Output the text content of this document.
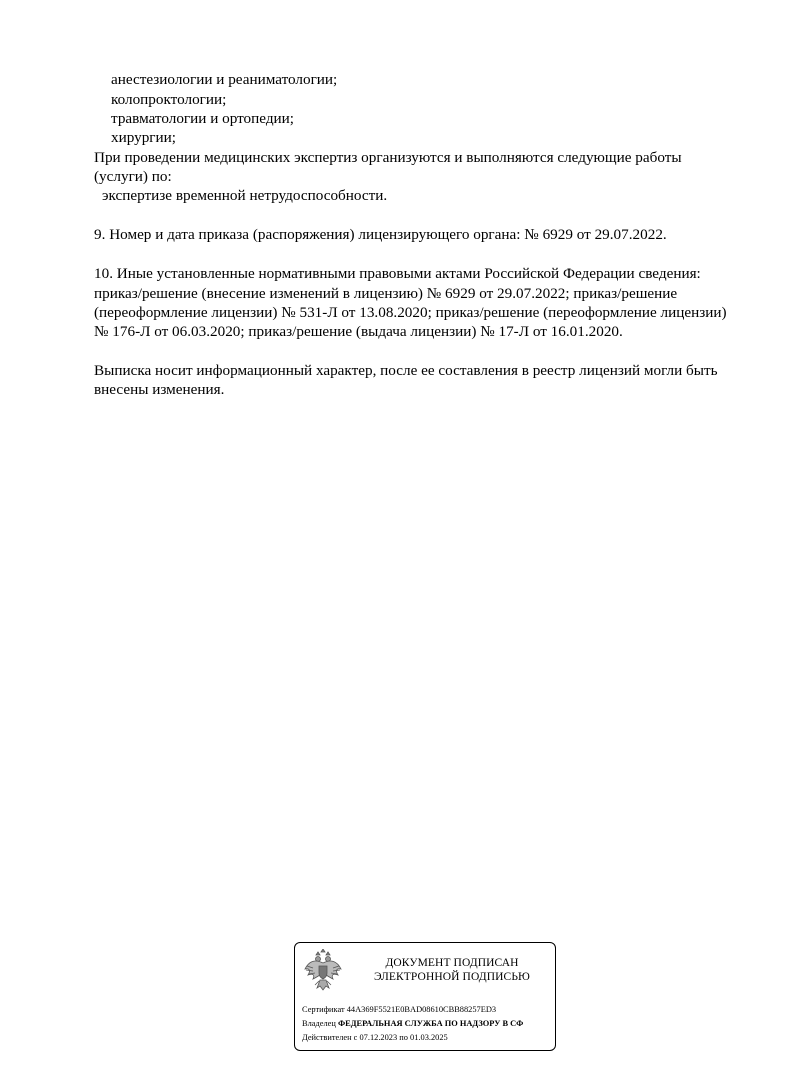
анестезиологии и реаниматологии;
колопроктологии;
травматологии и ортопедии;
хирургии;
При проведении медицинских экспертиз организуются и выполняются следующие работы
(услуги) по:
экспертизе временной нетрудоспособности.
9. Номер и дата приказа (распоряжения) лицензирующего органа: № 6929 от 29.07.2022.
10. Иные установленные нормативными правовыми актами Российской Федерации сведения:
приказ/решение (внесение изменений в лицензию) № 6929 от 29.07.2022; приказ/решение
(переоформление лицензии) № 531-Л от 13.08.2020; приказ/решение (переоформление лицензии)
№ 176-Л от 06.03.2020; приказ/решение (выдача лицензии) № 17-Л от 16.01.2020.
Выписка носит информационный характер, после ее составления в реестр лицензий могли быть
внесены изменения.
ДОКУМЕНТ ПОДПИСАН
ЭЛЕКТРОННОЙ ПОДПИСЬЮ
Сертификат 44A369F5521E0BAD08610CBB88257ED3
Владелец ФЕДЕРАЛЬНАЯ СЛУЖБА ПО НАДЗОРУ В СФ
Действителен с 07.12.2023 по 01.03.2025
